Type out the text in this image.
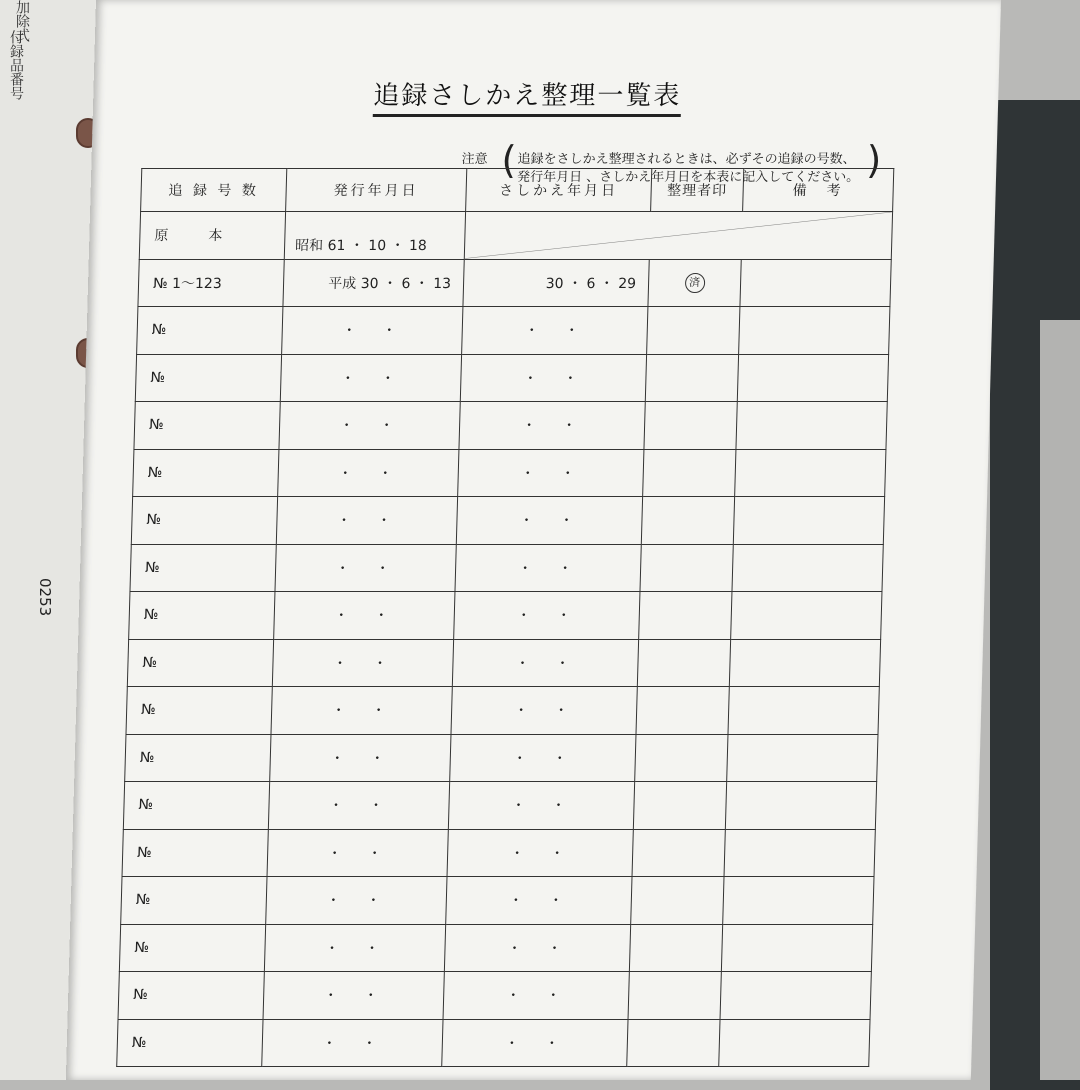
加除式
付録品番号
0253
追録さしかえ整理一覧表
注意 ( 追録をさしかえ整理されるときは、必ずその追録の号数、
発行年月日 、さしかえ年月日を本表に記入してください。 )
追 録 号 数	発行年月日	さしかえ年月日	整理者印	備　考
原　　本	昭和 61 ・ 10 ・ 18

№ 1〜123	平成 30 ・ 6 ・ 13	30 ・ 6 ・ 29	済	
№	・　・	・　・		
№	・　・	・　・		
№	・　・	・　・		
№	・　・	・　・		
№	・　・	・　・		
№	・　・	・　・		
№	・　・	・　・		
№	・　・	・　・		
№	・　・	・　・		
№	・　・	・　・		
№	・　・	・　・		
№	・　・	・　・		
№	・　・	・　・		
№	・　・	・　・		
№	・　・	・　・		
№	・　・	・　・		
